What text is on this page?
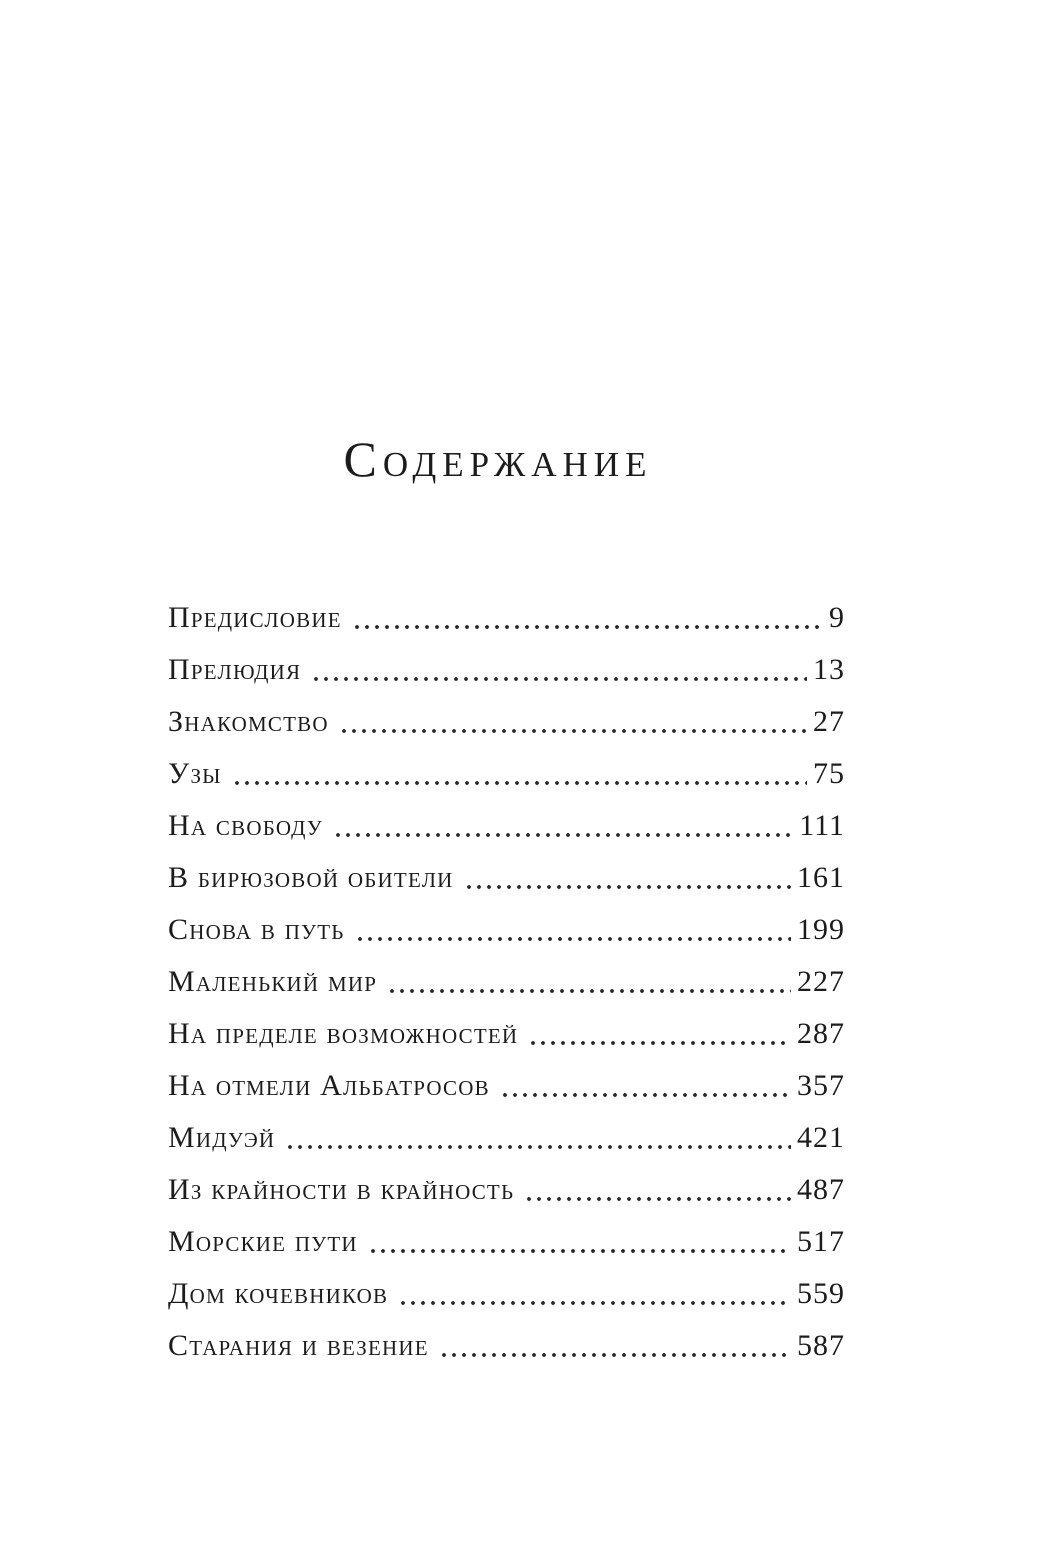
Содержание
Предисловие	9
Прелюдия	13
Знакомство	27
Узы	75
На свободу	111
В бирюзовой обители	161
Снова в путь	199
Маленький мир	227
На пределе возможностей	287
На отмели Альбатросов	357
Мидуэй	421
Из крайности в крайность	487
Морские пути	517
Дом кочевников	559
Старания и везение	587
